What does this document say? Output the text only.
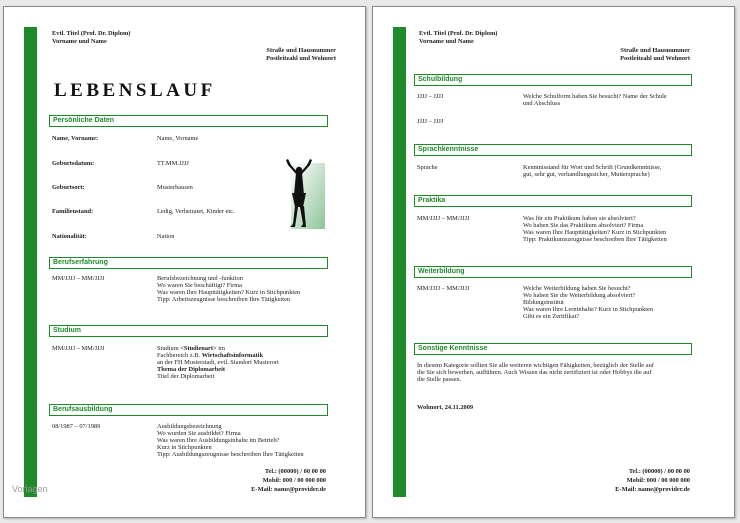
Evtl. Titel (Prof. Dr. Diplom)
Vorname und Name
Straße und Hausnummer
Postleitzahl und Wohnort
LEBENSLAUF
Persönliche Daten
Name, Vorname:	Name, Vorname
Geburtsdatum:	TT.MM.JJJJ
Geburtsort:	Musterhausen
Familienstand:	Ledig, Verheiratet, Kinder etc.
Nationalität:	Nation
Berufserfahrung
MM/JJJJ – MM/JJJJ	Berufsbezeichnung und -funktion
Wo waren Sie beschäftigt? Firma
Was waren Ihre Haupttätigkeiten? Kurz in Stichpunkten
Tipp: Arbeitszeugnisse beschreiben Ihre Tätigkeiten
Studium
MM/JJJJ – MM/JJJJ	Studium <Studienart> im
Fachbereich z.B. Wirtschaftsinformatik
an der FH Musterstadt, evtl. Standort Musterort
Thema der Diplomarbeit
Titel der Diplomarbeit
Berufsausbildung
08/1987 – 07/1989	Ausbildungsbezeichnung
Wo wurden Sie ausbildet? Firma
Was waren Ihre Ausbildungsinhalte im Betrieb?
Kurz in Stichpunkten
Tipp: Ausbildungszeugnisse beschreiben Ihre Tätigkeiten
Tel.: (00000) / 00 00 00
Mobil: 000 / 00 000 000
E-Mail: name@provider.de
Vorlagen
Evtl. Titel (Prof. Dr. Diplom)
Vorname und Name
Straße und Hausnummer
Postleitzahl und Wohnort
Schulbildung
JJJJ – JJJJ	Welche Schulform haben Sie besucht? Name der Schule
und Abschluss
JJJJ – JJJJ
Sprachkenntnisse
Sprache	Kenntnisstand für Wort und Schrift (Grundkenntnisse,
gut, sehr gut, verhandlungssicher, Muttersprache)
Praktika
MM/JJJJ – MM/JJJJ	Was für ein Praktikum haben sie absolviert?
Wo haben Sie das Praktikum absolviert? Firma
Was waren Ihre Haupttätigkeiten? Kurz in Stichpunkten
Tipp: Praktikumszeugnisse beschreiben Ihre Tätigkeiten
Weiterbildung
MM/JJJJ – MM/JJJJ	Welche Weiterbildung haben Sie besucht?
Wo haben Sie die Weiterbildung absolviert?
Bildungsinstitut
Was waren Ihre Lerninhalte? Kurz in Stichpunkten
Gibt es ein Zertifikat?
Sonstige Kenntnisse
In diesem Kategorie sollten Sie alle weiteren wichtigen Fähigkeiten, bezüglich der Stelle auf
die Sie sich bewerben, aufführen. Auch Wissen das nicht zertifiziert ist oder Hobbys die auf
die Stelle passen.
Wohnort, 24.11.2009
Tel.: (00000) / 00 00 00
Mobil: 000 / 00 000 000
E-Mail: name@provider.de
